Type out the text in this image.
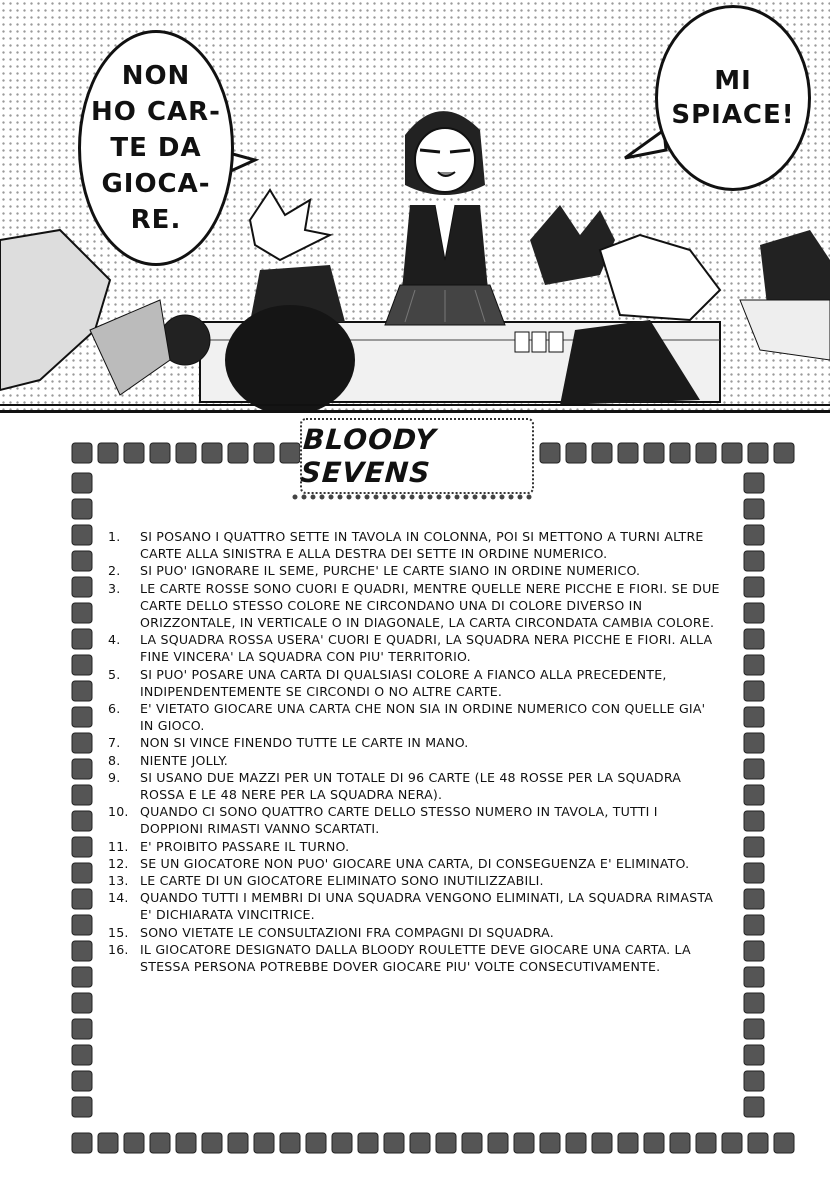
NON
HO CAR-
TE DA
GIOCA-
RE.
MI
SPIACE!
BLOODY SEVENS
1.	SI POSANO I QUATTRO SETTE IN TAVOLA IN COLONNA, POI SI METTONO A TURNI ALTRE CARTE ALLA SINISTRA E ALLA DESTRA DEI SETTE IN ORDINE NUMERICO.
2.	SI PUO' IGNORARE IL SEME, PURCHE' LE CARTE SIANO IN ORDINE NUMERICO.
3.	LE CARTE ROSSE SONO CUORI E QUADRI, MENTRE QUELLE NERE PICCHE E FIORI. SE DUE CARTE DELLO STESSO COLORE NE CIRCONDANO UNA DI COLORE DIVERSO IN ORIZZONTALE, IN VERTICALE O IN DIAGONALE, LA CARTA CIRCONDATA CAMBIA COLORE.
4.	LA SQUADRA ROSSA USERA' CUORI E QUADRI, LA SQUADRA NERA PICCHE E FIORI. ALLA FINE VINCERA' LA SQUADRA CON PIU' TERRITORIO.
5.	SI PUO' POSARE UNA CARTA DI QUALSIASI COLORE A FIANCO ALLA PRECEDENTE, INDIPENDENTEMENTE SE CIRCONDI O NO ALTRE CARTE.
6.	E' VIETATO GIOCARE UNA CARTA CHE NON SIA IN ORDINE NUMERICO CON QUELLE GIA' IN GIOCO.
7.	NON SI VINCE FINENDO TUTTE LE CARTE IN MANO.
8.	NIENTE JOLLY.
9.	SI USANO DUE MAZZI PER UN TOTALE DI 96 CARTE (LE 48 ROSSE PER LA SQUADRA ROSSA E LE 48 NERE PER LA SQUADRA NERA).
10. QUANDO CI SONO QUATTRO CARTE DELLO STESSO NUMERO IN TAVOLA, TUTTI I DOPPIONI RIMASTI VANNO SCARTATI.
11. E' PROIBITO PASSARE IL TURNO.
12. SE UN GIOCATORE NON PUO' GIOCARE UNA CARTA, DI CONSEGUENZA E' ELIMINATO.
13. LE CARTE DI UN GIOCATORE ELIMINATO SONO INUTILIZZABILI.
14. QUANDO TUTTI I MEMBRI DI UNA SQUADRA VENGONO ELIMINATI, LA SQUADRA RIMASTA E' DICHIARATA VINCITRICE.
15. SONO VIETATE LE CONSULTAZIONI FRA COMPAGNI DI SQUADRA.
16. IL GIOCATORE DESIGNATO DALLA BLOODY ROULETTE DEVE GIOCARE UNA CARTA. LA STESSA PERSONA POTREBBE DOVER GIOCARE PIU' VOLTE CONSECUTIVAMENTE.
